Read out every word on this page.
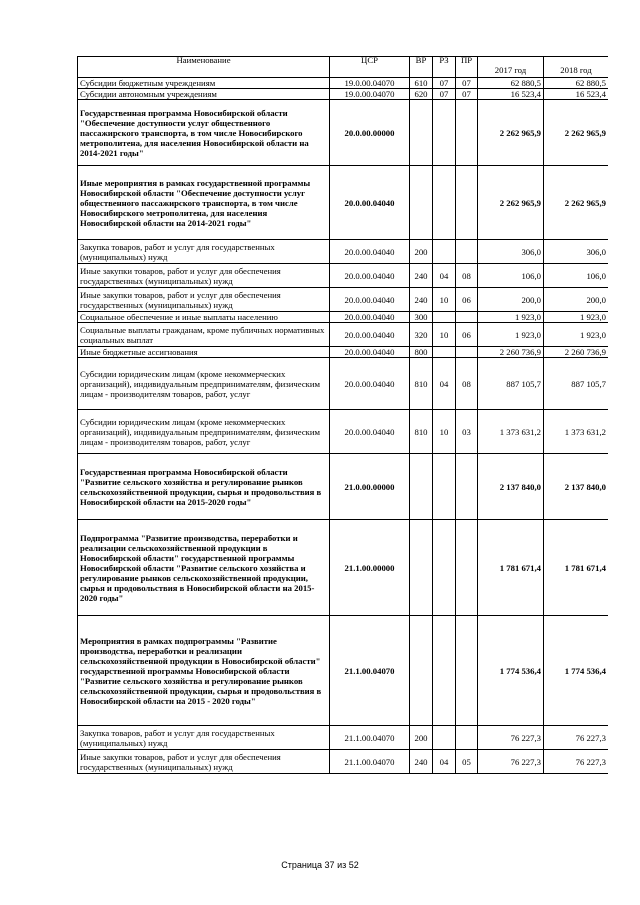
Наименование	ЦСР	ВР	РЗ	ПР	2017 год	2018 год
Субсидии бюджетным учреждениям	19.0.00.04070	610	07	07	62 880,5	62 880,5
Субсидии автономным учреждениям	19.0.00.04070	620	07	07	16 523,4	16 523,4
Государственная программа Новосибирской области "Обеспечение доступности услуг общественного пассажирского транспорта, в том числе Новосибирского метрополитена, для населения Новосибирской области на 2014-2021 годы"	20.0.00.00000				2 262 965,9	2 262 965,9
Иные мероприятия в рамках государственной программы Новосибирской области "Обеспечение доступности услуг общественного пассажирского транспорта, в том числе Новосибирского метрополитена, для населения Новосибирской области на 2014-2021 годы"	20.0.00.04040				2 262 965,9	2 262 965,9
Закупка товаров, работ и услуг для государственных (муниципальных) нужд	20.0.00.04040	200			306,0	306,0
Иные закупки товаров, работ и услуг для обеспечения государственных (муниципальных) нужд	20.0.00.04040	240	04	08	106,0	106,0
Иные закупки товаров, работ и услуг для обеспечения государственных (муниципальных) нужд	20.0.00.04040	240	10	06	200,0	200,0
Социальное обеспечение и иные выплаты населению	20.0.00.04040	300			1 923,0	1 923,0
Социальные выплаты гражданам, кроме публичных нормативных социальных выплат	20.0.00.04040	320	10	06	1 923,0	1 923,0
Иные бюджетные ассигнования	20.0.00.04040	800			2 260 736,9	2 260 736,9
Субсидии юридическим лицам (кроме некоммерческих организаций), индивидуальным предпринимателям, физическим лицам - производителям товаров, работ, услуг	20.0.00.04040	810	04	08	887 105,7	887 105,7
Субсидии юридическим лицам (кроме некоммерческих организаций), индивидуальным предпринимателям, физическим лицам - производителям товаров, работ, услуг	20.0.00.04040	810	10	03	1 373 631,2	1 373 631,2
Государственная программа Новосибирской области "Развитие сельского хозяйства и регулирование рынков сельскохозяйственной продукции, сырья и продовольствия в Новосибирской области на 2015-2020 годы"	21.0.00.00000				2 137 840,0	2 137 840,0
Подпрограмма "Развитие производства, переработки и реализации сельскохозяйственной продукции в Новосибирской области" государственной программы Новосибирской области "Развитие сельского хозяйства и регулирование рынков сельскохозяйственной продукции, сырья и продовольствия в Новосибирской области на 2015-2020 годы"	21.1.00.00000				1 781 671,4	1 781 671,4
Мероприятия в рамках подпрограммы "Развитие производства, переработки и реализации сельскохозяйственной продукции в Новосибирской области" государственной программы Новосибирской области "Развитие сельского хозяйства и регулирование рынков сельскохозяйственной продукции, сырья и продовольствия в Новосибирской области на 2015 - 2020 годы"	21.1.00.04070				1 774 536,4	1 774 536,4
Закупка товаров, работ и услуг для государственных (муниципальных) нужд	21.1.00.04070	200			76 227,3	76 227,3
Иные закупки товаров, работ и услуг для обеспечения государственных (муниципальных) нужд	21.1.00.04070	240	04	05	76 227,3	76 227,3
Страница 37 из 52
